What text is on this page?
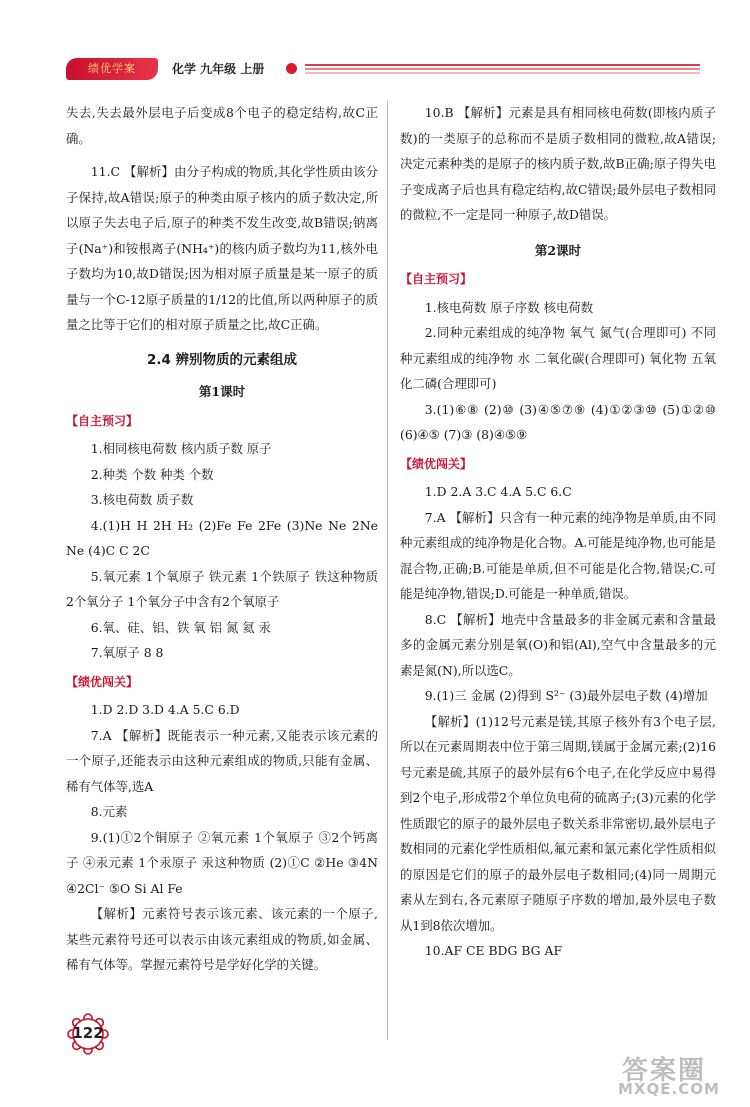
绩优学案	化学 九年级 上册

失去,失去最外层电子后变成8个电子的稳定结构,故C正确。

11.C 【解析】由分子构成的物质,其化学性质由该分子保持,故A错误;原子的种类由原子核内的质子数决定,所以原子失去电子后,原子的种类不发生改变,故B错误;钠离子(Na⁺)和铵根离子(NH₄⁺)的核内质子数均为11,核外电子数均为10,故D错误;因为相对原子质量是某一原子的质量与一个C-12原子质量的1/12的比值,所以两种原子的质量之比等于它们的相对原子质量之比,故C正确。

2.4 辨别物质的元素组成
第1课时
【自主预习】

1.相同核电荷数 核内质子数 原子

2.种类 个数 种类 个数

3.核电荷数 质子数

4.(1)H H 2H H₂ (2)Fe Fe 2Fe (3)Ne Ne 2Ne Ne (4)C C 2C

5.氧元素 1个氧原子 铁元素 1个铁原子 铁这种物质 2个氧分子 1个氧分子中含有2个氧原子

6.氧、硅、铝、铁 氧 铝 氮 氦 汞

7.氧原子 8 8

【绩优闯关】

1.D 2.D 3.D 4.A 5.C 6.D

7.A 【解析】既能表示一种元素,又能表示该元素的一个原子,还能表示由这种元素组成的物质,只能有金属、稀有气体等,选A

8.元素

9.(1)①2个铜原子 ②氧元素 1个氧原子 ③2个钙离子 ④汞元素 1个汞原子 汞这种物质 (2)①C ②He ③4N ④2Cl⁻ ⑤O Si Al Fe

【解析】元素符号表示该元素、该元素的一个原子,某些元素符号还可以表示由该元素组成的物质,如金属、稀有气体等。掌握元素符号是学好化学的关键。

10.B 【解析】元素是具有相同核电荷数(即核内质子数)的一类原子的总称而不是质子数相同的微粒,故A错误;决定元素种类的是原子的核内质子数,故B正确;原子得失电子变成离子后也具有稳定结构,故C错误;最外层电子数相同的微粒,不一定是同一种原子,故D错误。

第2课时
【自主预习】

1.核电荷数 原子序数 核电荷数

2.同种元素组成的纯净物 氧气 氮气(合理即可) 不同种元素组成的纯净物 水 二氧化碳(合理即可) 氧化物 五氧化二磷(合理即可)

3.(1)⑥⑧ (2)⑩ (3)④⑤⑦⑨ (4)①②③⑩ (5)①②⑩ (6)④⑤ (7)③ (8)④⑤⑨

【绩优闯关】

1.D 2.A 3.C 4.A 5.C 6.C

7.A 【解析】只含有一种元素的纯净物是单质,由不同种元素组成的纯净物是化合物。A.可能是纯净物,也可能是混合物,正确;B.可能是单质,但不可能是化合物,错误;C.可能是纯净物,错误;D.可能是一种单质,错误。

8.C 【解析】地壳中含量最多的非金属元素和含量最多的金属元素分别是氧(O)和铝(Al),空气中含量最多的元素是氮(N),所以选C。

9.(1)三 金属 (2)得到 S²⁻ (3)最外层电子数 (4)增加

【解析】(1)12号元素是镁,其原子核外有3个电子层,所以在元素周期表中位于第三周期,镁属于金属元素;(2)16号元素是硫,其原子的最外层有6个电子,在化学反应中易得到2个电子,形成带2个单位负电荷的硫离子;(3)元素的化学性质跟它的原子的最外层电子数关系非常密切,最外层电子数相同的元素化学性质相似,氟元素和氯元素化学性质相似的原因是它们的原子的最外层电子数相同;(4)同一周期元素从左到右,各元素原子随原子序数的增加,最外层电子数从1到8依次增加。

10.AF CE BDG BG AF

122
答案圈
MXQE.COM
